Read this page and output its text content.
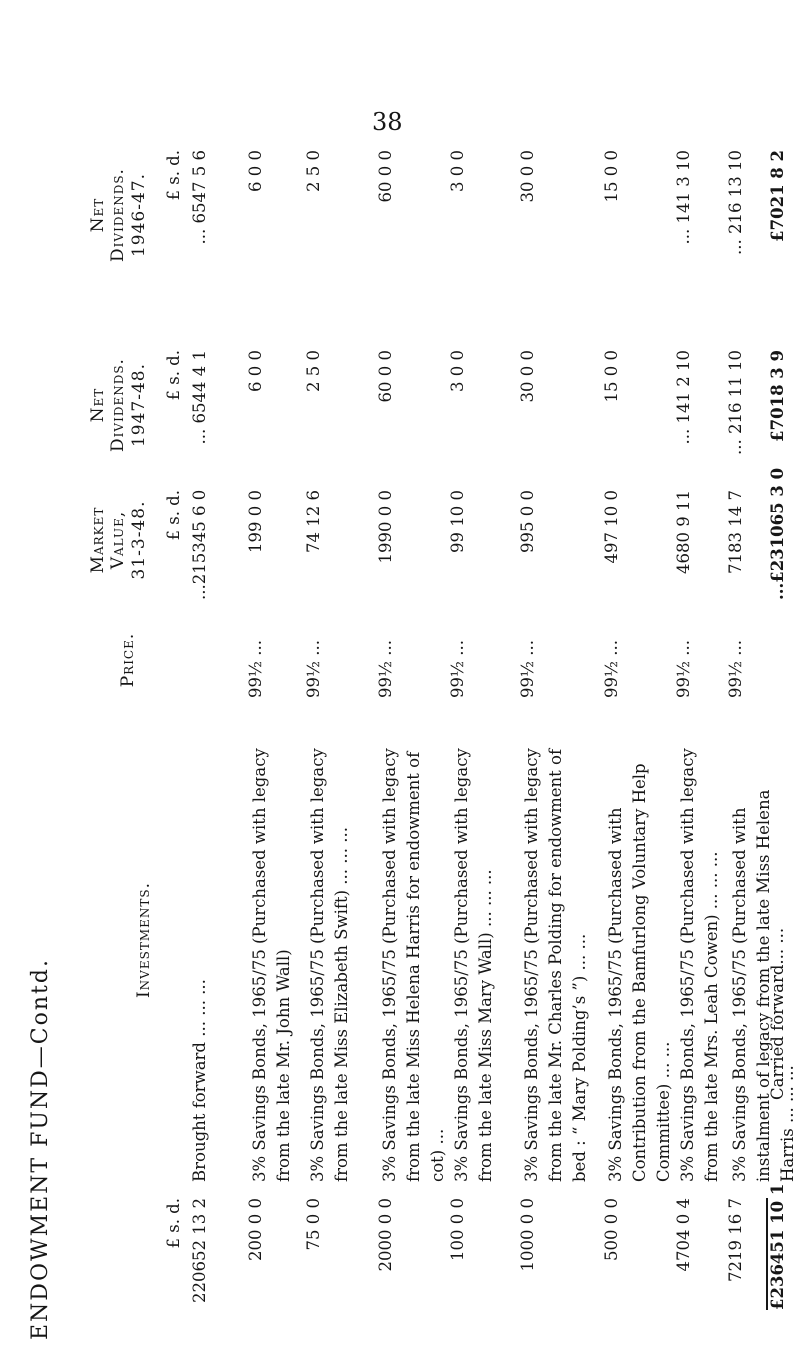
38
ENDOWMENT FUND—Contd.
Investments.
Price.
Market Value, 31-3-48.
Net Dividends. 1947-48.
Net Dividends. 1946-47.
£ s. d.
£ s. d.
£ s. d.
£ s. d.
220652 13 2
Brought forward ... ... ...
...215345 6 0
... 6544 4 1
... 6547 5 6
200 0 0
3% Savings Bonds, 1965/75 (Purchased with legacy from the late Mr. John Wall)
99½ ...
199 0 0
6 0 0
6 0 0
75 0 0
3% Savings Bonds, 1965/75 (Purchased with legacy from the late Miss Elizabeth Swift) ... ... ...
99½ ...
74 12 6
2 5 0
2 5 0
2000 0 0
3% Savings Bonds, 1965/75 (Purchased with legacy from the late Miss Helena Harris for endowment of cot) ...
99½ ...
1990 0 0
60 0 0
60 0 0
100 0 0
3% Savings Bonds, 1965/75 (Purchased with legacy from the late Miss Mary Wall) ... ... ...
99½ ...
99 10 0
3 0 0
3 0 0
1000 0 0
3% Savings Bonds, 1965/75 (Purchased with legacy from the late Mr. Charles Polding for endowment of bed : “ Mary Polding’s ”) ... ...
99½ ...
995 0 0
30 0 0
30 0 0
500 0 0
3% Savings Bonds, 1965/75 (Purchased with Contribution from the Bamfurlong Voluntary Help Committee) ... ...
99½ ...
497 10 0
15 0 0
15 0 0
4704 0 4
3% Savings Bonds, 1965/75 (Purchased with legacy from the late Mrs. Leah Cowen) ... ... ...
99½ ...
4680 9 11
... 141 2 10
... 141 3 10
7219 16 7
3% Savings Bonds, 1965/75 (Purchased with instalment of legacy from the late Miss Helena Harris ... ... ...
99½ ...
7183 14 7
... 216 11 10
... 216 13 10
£236451 10 1
Carried forward... ...
...£231065 3 0
£7018 3 9
£7021 8 2
